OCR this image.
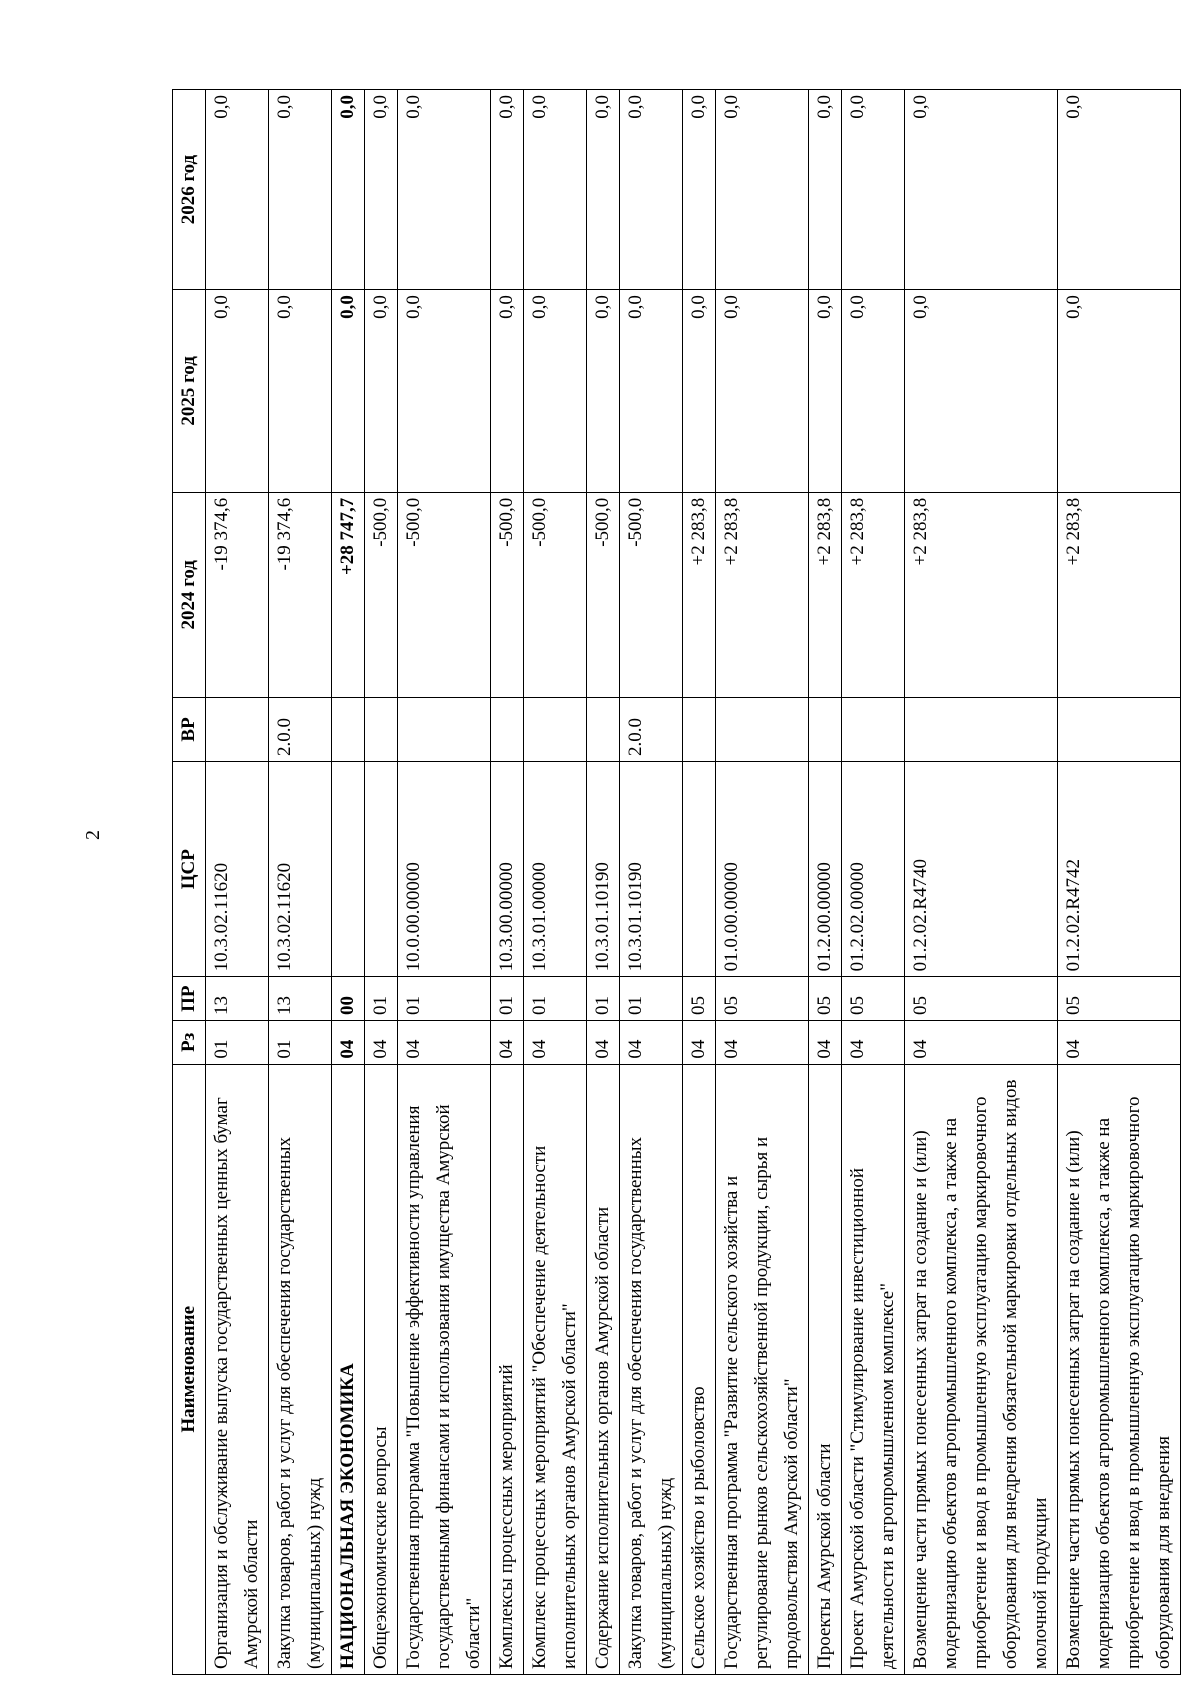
2
Наименование	Рз	ПР	ЦСР	ВР	2024 год	2025 год	2026 год
Организация и обслуживание выпуска государственных ценных бумаг Амурской области	01	13	10.3.02.11620		-19 374,6	0,0	0,0
Закупка товаров, работ и услуг для обеспечения государственных (муниципальных) нужд	01	13	10.3.02.11620	2.0.0	-19 374,6	0,0	0,0
НАЦИОНАЛЬНАЯ ЭКОНОМИКА	04	00			+28 747,7	0,0	0,0
Общеэкономические вопросы	04	01			-500,0	0,0	0,0
Государственная программа "Повышение эффективности управления государственными финансами и использования имущества Амурской области"	04	01	10.0.00.00000		-500,0	0,0	0,0
Комплексы процессных мероприятий	04	01	10.3.00.00000		-500,0	0,0	0,0
Комплекс процессных мероприятий "Обеспечение деятельности исполнительных органов Амурской области"	04	01	10.3.01.00000		-500,0	0,0	0,0
Содержание исполнительных органов Амурской области	04	01	10.3.01.10190		-500,0	0,0	0,0
Закупка товаров, работ и услуг для обеспечения государственных (муниципальных) нужд	04	01	10.3.01.10190	2.0.0	-500,0	0,0	0,0
Сельское хозяйство и рыболовство	04	05			+2 283,8	0,0	0,0
Государственная программа "Развитие сельского хозяйства и регулирование рынков сельскохозяйственной продукции, сырья и продовольствия Амурской области"	04	05	01.0.00.00000		+2 283,8	0,0	0,0
Проекты Амурской области	04	05	01.2.00.00000		+2 283,8	0,0	0,0
Проект Амурской области "Стимулирование инвестиционной деятельности в агропромышленном комплексе"	04	05	01.2.02.00000		+2 283,8	0,0	0,0
Возмещение части прямых понесенных затрат на создание и (или) модернизацию объектов агропромышленного комплекса, а также на приобретение и ввод в промышленную эксплуатацию маркировочного оборудования для внедрения обязательной маркировки отдельных видов молочной продукции	04	05	01.2.02.R4740		+2 283,8	0,0	0,0
Возмещение части прямых понесенных затрат на создание и (или) модернизацию объектов агропромышленного комплекса, а также на приобретение и ввод в промышленную эксплуатацию маркировочного оборудования для внедрения	04	05	01.2.02.R4742		+2 283,8	0,0	0,0
